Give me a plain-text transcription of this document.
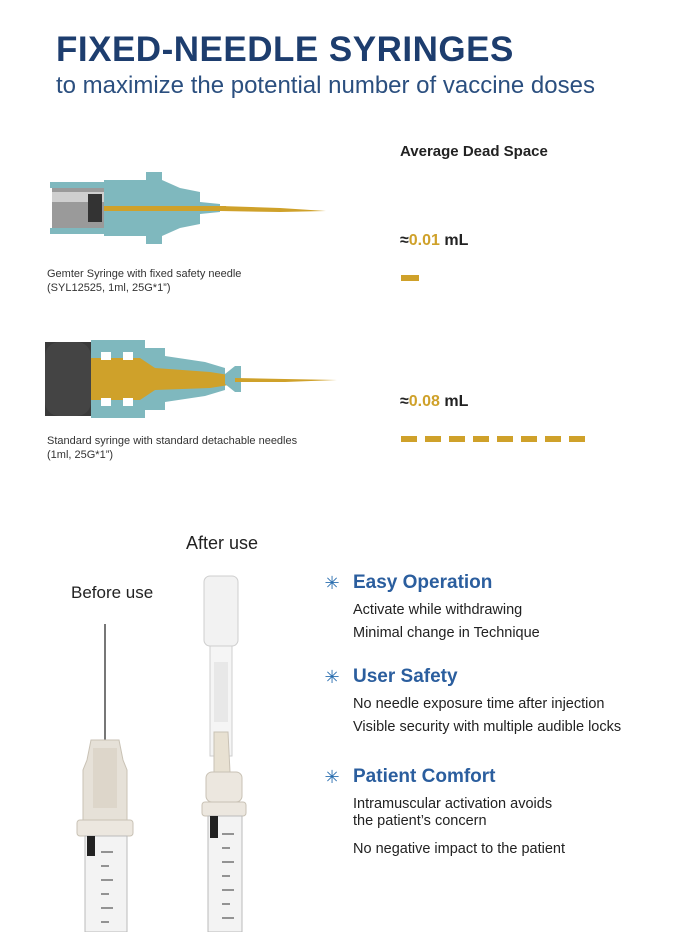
FIXED-NEEDLE SYRINGES
to maximize the potential number of vaccine doses
Average Dead Space
Gemter Syringe with fixed safety needle
(SYL12525, 1ml, 25G*1”)
Standard syringe with standard detachable needles
(1ml, 25G*1”)
≈0.01 mL
≈0.08 mL
After use
Before use	✳ Easy Operation
Activate while withdrawing
Minimal change in Technique
✳ User Safety
No needle exposure time after injection
Visible security with multiple audible locks
✳ Patient Comfort
Intramuscular activation avoids
the patient’s concern
No negative impact to the patient
